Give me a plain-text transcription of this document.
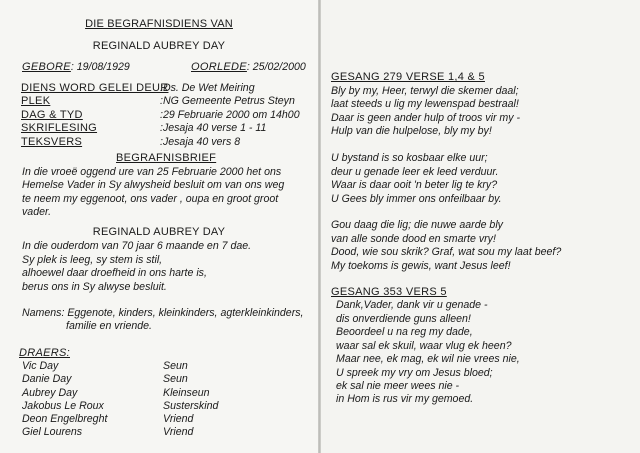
DIE BEGRAFNISDIENS VAN
REGINALD AUBREY DAY
GEBORE: 19/08/1929	OORLEDE: 25/02/2000
DIENS WORD GELEI DEUR
:Ds. De Wet Meiring
PLEK	:NG Gemeente Petrus Steyn
DAG & TYD	:29 Februarie 2000 om 14h00
SKRIFLESING	:Jesaja 40 verse 1 - 11
TEKSVERS	:Jesaja 40 vers 8
BEGRAFNISBRIEF
In die vroeë oggend ure van 25 Februarie 2000 het ons
Hemelse Vader in Sy alwysheid besluit om van ons weg
te neem my eggenoot, ons vader , oupa en groot groot
vader.
REGINALD AUBREY DAY
In die ouderdom van 70 jaar 6 maande en 7 dae.
Sy plek is leeg, sy stem is stil,
alhoewel daar droefheid in ons harte is,
berus ons in Sy alwyse besluit.
Namens: Eggenote, kinders, kleinkinders, agterkleinkinders,
familie en vriende.
DRAERS:
Vic Day	Seun
Danie Day	Seun
Aubrey Day	Kleinseun
Jakobus Le Roux	Susterskind
Deon Engelbreght	Vriend
Giel Lourens	Vriend
GESANG 279 VERSE 1,4 & 5
Bly by my, Heer, terwyl die skemer daal;
laat steeds u lig my lewenspad bestraal!
Daar is geen ander hulp of troos vir my -
Hulp van die hulpelose, bly my by!
U bystand is so kosbaar elke uur;
deur u genade leer ek leed verduur.
Waar is daar ooit 'n beter lig te kry?
U Gees bly immer ons onfeilbaar by.
Gou daag die lig; die nuwe aarde bly
van alle sonde dood en smarte vry!
Dood, wie sou skrik? Graf, wat sou my laat beef?
My toekoms is gewis, want Jesus leef!
GESANG 353 VERS 5
Dank,Vader, dank vir u genade -
dis onverdiende guns alleen!
Beoordeel u na reg my dade,
waar sal ek skuil, waar vlug ek heen?
Maar nee, ek mag, ek wil nie vrees nie,
U spreek my vry om Jesus bloed;
ek sal nie meer wees nie -
in Hom is rus vir my gemoed.
